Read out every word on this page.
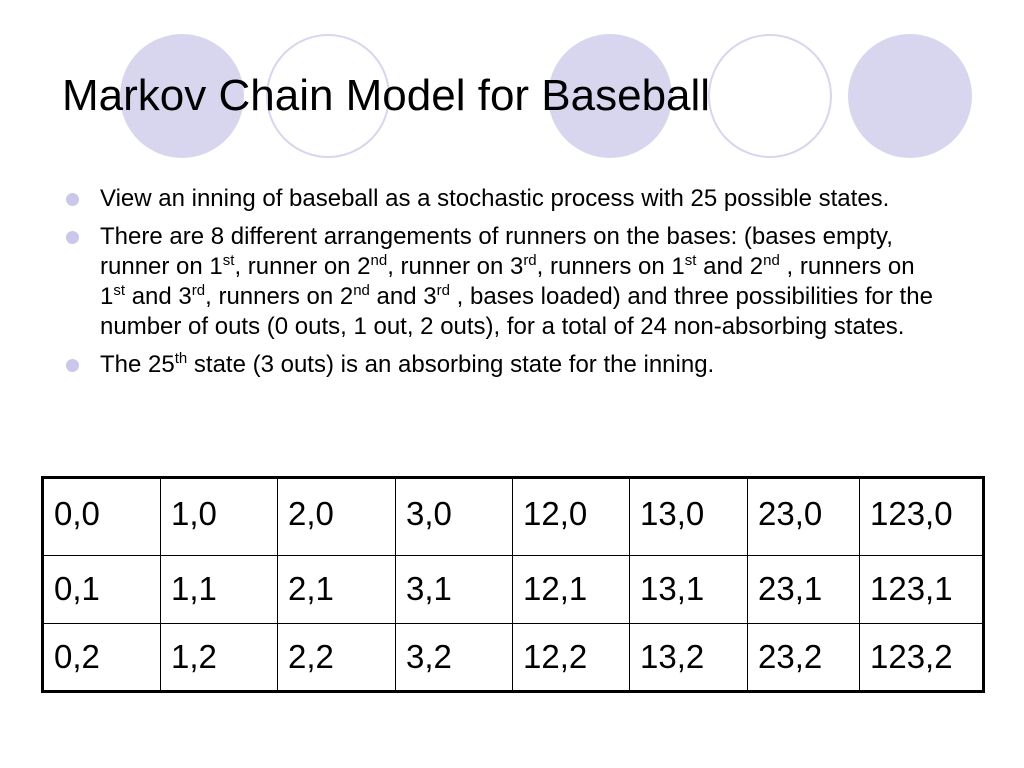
Markov Chain Model for Baseball
View an inning of baseball as a stochastic process with 25 possible states.
There are 8 different arrangements of runners on the bases: (bases empty, runner on 1st, runner on 2nd, runner on 3rd, runners on 1st and 2nd , runners on 1st and 3rd, runners on 2nd and 3rd , bases loaded) and three possibilities for the number of outs (0 outs, 1 out, 2 outs), for a total of 24 non-absorbing states.
The 25th state (3 outs) is an absorbing state for the inning.
0,0	1,0	2,0	3,0	12,0	13,0	23,0	123,0
0,1	1,1	2,1	3,1	12,1	13,1	23,1	123,1
0,2	1,2	2,2	3,2	12,2	13,2	23,2	123,2
